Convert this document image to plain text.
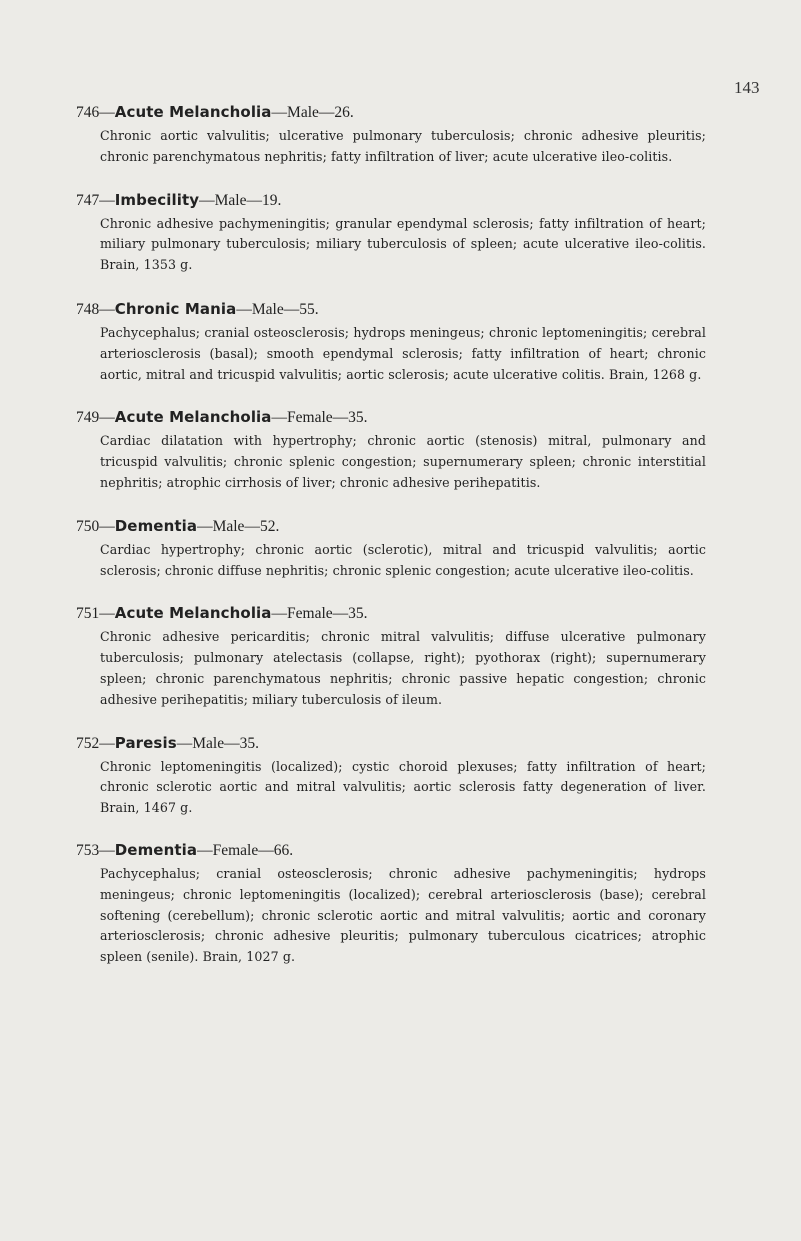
143

746—Acute Melancholia—Male—26.

Chronic aortic valvulitis; ulcerative pulmonary tuberculosis; chronic adhesive pleuritis; chronic parenchymatous nephritis; fatty infiltration of liver; acute ulcerative ileo-colitis.

747—Imbecility—Male—19.

Chronic adhesive pachymeningitis; granular ependymal sclerosis; fatty infiltration of heart; miliary pulmonary tuberculosis; miliary tuberculosis of spleen; acute ulcerative ileo-colitis. Brain, 1353 g.

748—Chronic Mania—Male—55.

Pachycephalus; cranial osteosclerosis; hydrops meningeus; chronic leptomeningitis; cerebral arteriosclerosis (basal); smooth ependymal sclerosis; fatty infiltration of heart; chronic aortic, mitral and tricuspid valvulitis; aortic sclerosis; acute ulcerative colitis. Brain, 1268 g.

749—Acute Melancholia—Female—35.

Cardiac dilatation with hypertrophy; chronic aortic (stenosis) mitral, pulmonary and tricuspid valvulitis; chronic splenic congestion; supernumerary spleen; chronic interstitial nephritis; atrophic cirrhosis of liver; chronic adhesive perihepatitis.

750—Dementia—Male—52.

Cardiac hypertrophy; chronic aortic (sclerotic), mitral and tricuspid valvulitis; aortic sclerosis; chronic diffuse nephritis; chronic splenic congestion; acute ulcerative ileo-colitis.

751—Acute Melancholia—Female—35.

Chronic adhesive pericarditis; chronic mitral valvulitis; diffuse ulcerative pulmonary tuberculosis; pulmonary atelectasis (collapse, right); pyothorax (right); supernumerary spleen; chronic parenchymatous nephritis; chronic passive hepatic congestion; chronic adhesive perihepatitis; miliary tuberculosis of ileum.

752—Paresis—Male—35.

Chronic leptomeningitis (localized); cystic choroid plexuses; fatty infiltration of heart; chronic sclerotic aortic and mitral valvulitis; aortic sclerosis fatty degeneration of liver. Brain, 1467 g.

753—Dementia—Female—66.

Pachycephalus; cranial osteosclerosis; chronic adhesive pachymeningitis; hydrops meningeus; chronic leptomeningitis (localized); cerebral arteriosclerosis (base); cerebral softening (cerebellum); chronic sclerotic aortic and mitral valvulitis; aortic and coronary arteriosclerosis; chronic adhesive pleuritis; pulmonary tuberculous cicatrices; atrophic spleen (senile). Brain, 1027 g.
